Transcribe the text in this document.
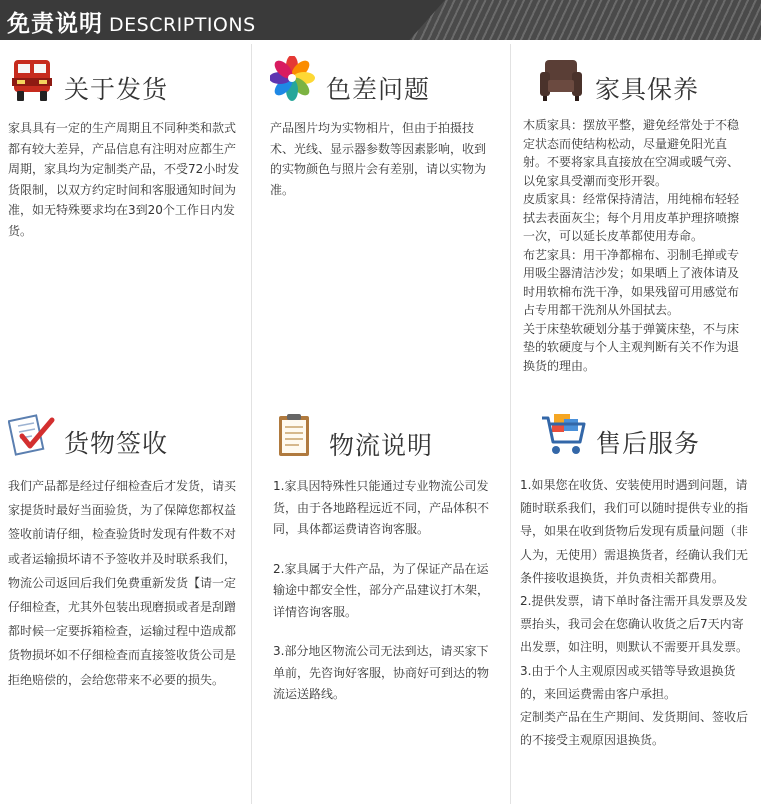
免责说明 DESCRIPTIONS
关于发货

家具具有一定的生产周期且不同种类和款式都有较大差异，产品信息有注明对应都生产周期，家具均为定制类产品，不受72小时发货限制，以双方约定时间和客服通知时间为准，如无特殊要求均在3到20个工作日内发货。

色差问题

产品图片均为实物相片，但由于拍摄技术、光线、显示器参数等因素影响，收到的实物颜色与照片会有差别，请以实物为准。

家具保养

木质家具：摆放平整，避免经常处于不稳定状态而使结构松动，尽量避免阳光直射。不要将家具直接放在空凋或暖气旁、以免家具受潮而变形开裂。

皮质家具：经常保持清洁，用纯棉布轻轻拭去表面灰尘；每个月用皮革护理挤喷擦一次，可以延长皮革都使用寿命。

布艺家具：用干净都棉布、羽制毛掸或专用吸尘器清洁沙发；如果晒上了液体请及时用软棉布洗干净，如果残留可用感觉布占专用都干洗剂从外国拭去。

关于床垫软硬划分基于弹簧床垫，不与床垫的软硬度与个人主观判断有关不作为退换货的理由。

货物签收

我们产品都是经过仔细检查后才发货，请买家提货时最好当面验货，为了保障您都权益签收前请仔细，检查验货时发现有件数不对或者运输损坏请不予签收并及时联系我们，物流公司返回后我们免费重新发货【请一定仔细检查，尤其外包装出现磨损或者是刮蹭都时候一定要拆箱检查，运输过程中造成都货物损坏如不仔细检查而直接签收货公司是拒绝赔偿的，会给您带来不必要的损失。

物流说明

1.家具因特殊性只能通过专业物流公司发货，由于各地路程远近不同，产品体积不同，具体都运费请咨询客服。

2.家具属于大件产品，为了保证产品在运输途中都安全性，部分产品建议打木架，详情咨询客服。

3.部分地区物流公司无法到达，请买家下单前，先咨询好客服，协商好可到达的物流运送路线。

售后服务

1.如果您在收货、安装使用时遇到问题，请随时联系我们，我们可以随时提供专业的指导，如果在收到货物后发现有质量问题（非人为，无使用）需退换货者，经确认我们无条件接收退换货，并负责相关都费用。

2.提供发票，请下单时备注需开具发票及发票抬头，我司会在您确认收货之后7天内寄出发票，如注明，则默认不需要开具发票。

3.由于个人主观原因或买错等导致退换货的，来回运费需由客户承担。

定制类产品在生产期间、发货期间、签收后的不接受主观原因退换货。
